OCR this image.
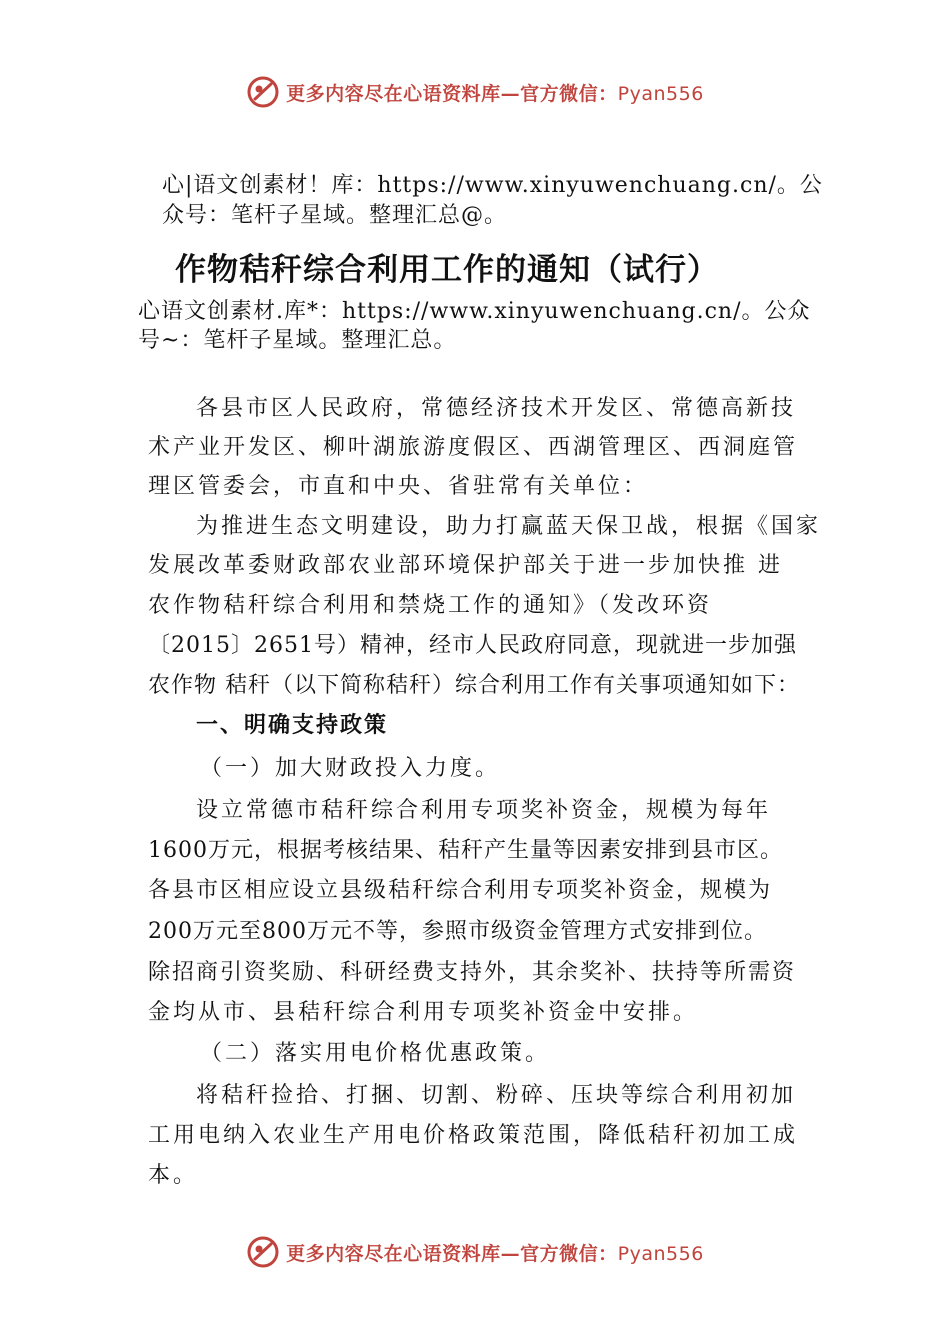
更多内容尽在心语资料库—官方微信：Pyan556
心|语文创素材！库：https://www.xinyuwenchuang.cn/。公
众号：笔杆子星域。整理汇总@。
作物秸秆综合利用工作的通知（试行）
心语文创素材.库*：https://www.xinyuwenchuang.cn/。公众
号~：笔杆子星域。整理汇总。
各县市区人民政府，常德经济技术开发区、常德高新技
术产业开发区、柳叶湖旅游度假区、西湖管理区、西洞庭管
理区管委会，市直和中央、省驻常有关单位：
为推进生态文明建设，助力打赢蓝天保卫战，根据《国家
发展改革委财政部农业部环境保护部关于进一步加快推 进
农作物秸秆综合利用和禁烧工作的通知》（发改环资
〔2015〕2651号）精神，经市人民政府同意，现就进一步加强
农作物 秸秆（以下简称秸秆）综合利用工作有关事项通知如下：
一、明确支持政策
（一）加大财政投入力度。
设立常德市秸秆综合利用专项奖补资金，规模为每年
1600万元，根据考核结果、秸秆产生量等因素安排到县市区。
各县市区相应设立县级秸秆综合利用专项奖补资金，规模为
200万元至800万元不等，参照市级资金管理方式安排到位。
除招商引资奖励、科研经费支持外，其余奖补、扶持等所需资
金均从市、县秸秆综合利用专项奖补资金中安排。
（二）落实用电价格优惠政策。
将秸秆捡拾、打捆、切割、粉碎、压块等综合利用初加
工用电纳入农业生产用电价格政策范围，降低秸秆初加工成
本。
更多内容尽在心语资料库—官方微信：Pyan556
